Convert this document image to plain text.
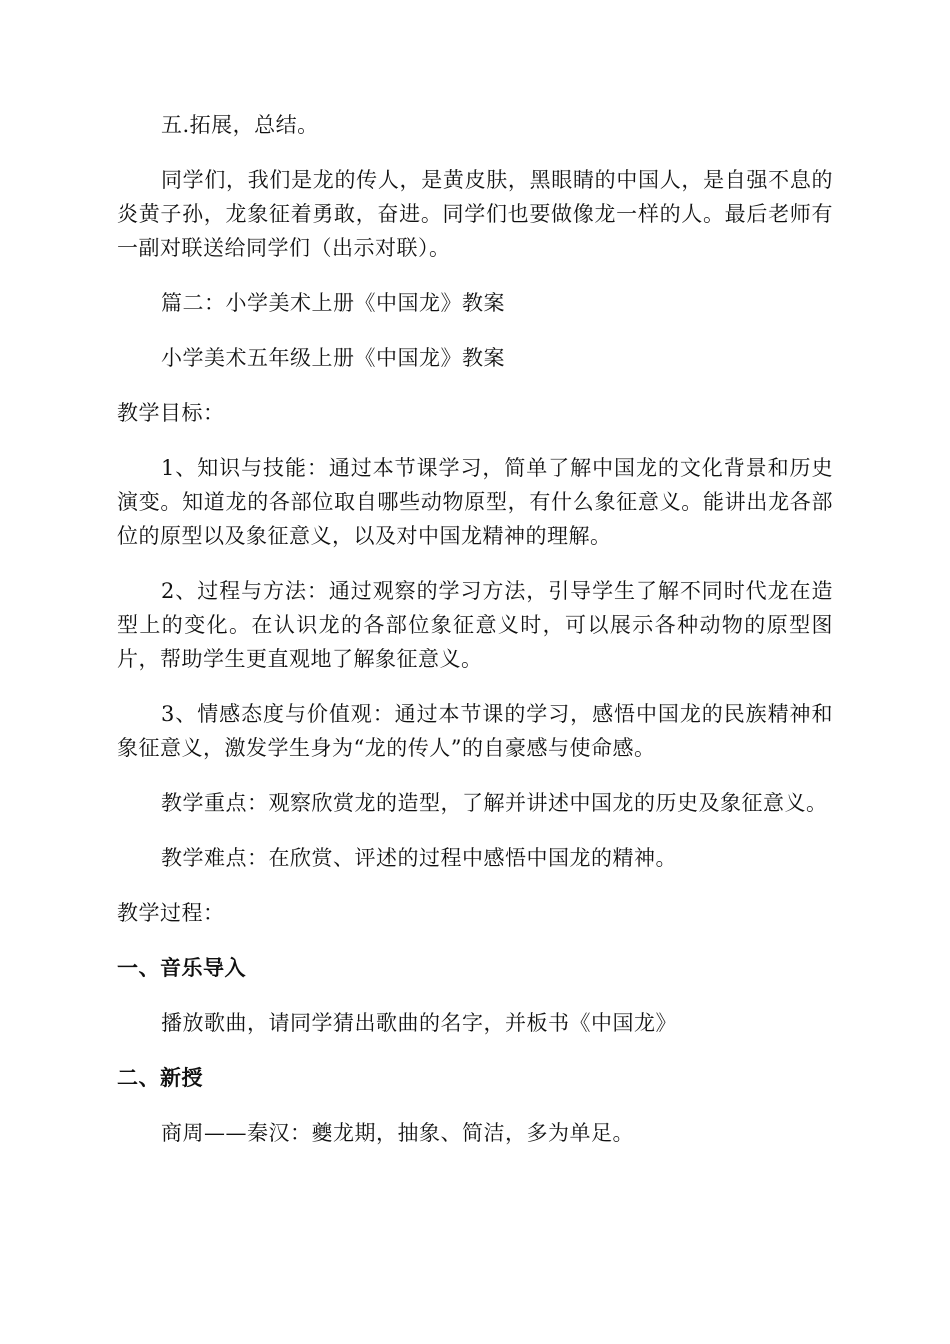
五.拓展，总结。

同学们，我们是龙的传人，是黄皮肤，黑眼睛的中国人，是自强不息的炎黄子孙，龙象征着勇敢，奋进。同学们也要做像龙一样的人。最后老师有一副对联送给同学们（出示对联）。

篇二：小学美术上册《中国龙》教案

小学美术五年级上册《中国龙》教案

教学目标：

1、知识与技能：通过本节课学习，简单了解中国龙的文化背景和历史演变。知道龙的各部位取自哪些动物原型，有什么象征意义。能讲出龙各部位的原型以及象征意义，以及对中国龙精神的理解。

2、过程与方法：通过观察的学习方法，引导学生了解不同时代龙在造型上的变化。在认识龙的各部位象征意义时，可以展示各种动物的原型图片，帮助学生更直观地了解象征意义。

3、情感态度与价值观：通过本节课的学习，感悟中国龙的民族精神和象征意义，激发学生身为“龙的传人”的自豪感与使命感。

教学重点：观察欣赏龙的造型，了解并讲述中国龙的历史及象征意义。

教学难点：在欣赏、评述的过程中感悟中国龙的精神。

教学过程：

一、音乐导入

播放歌曲，请同学猜出歌曲的名字，并板书《中国龙》

二、新授

商周——秦汉：夔龙期，抽象、简洁，多为单足。
